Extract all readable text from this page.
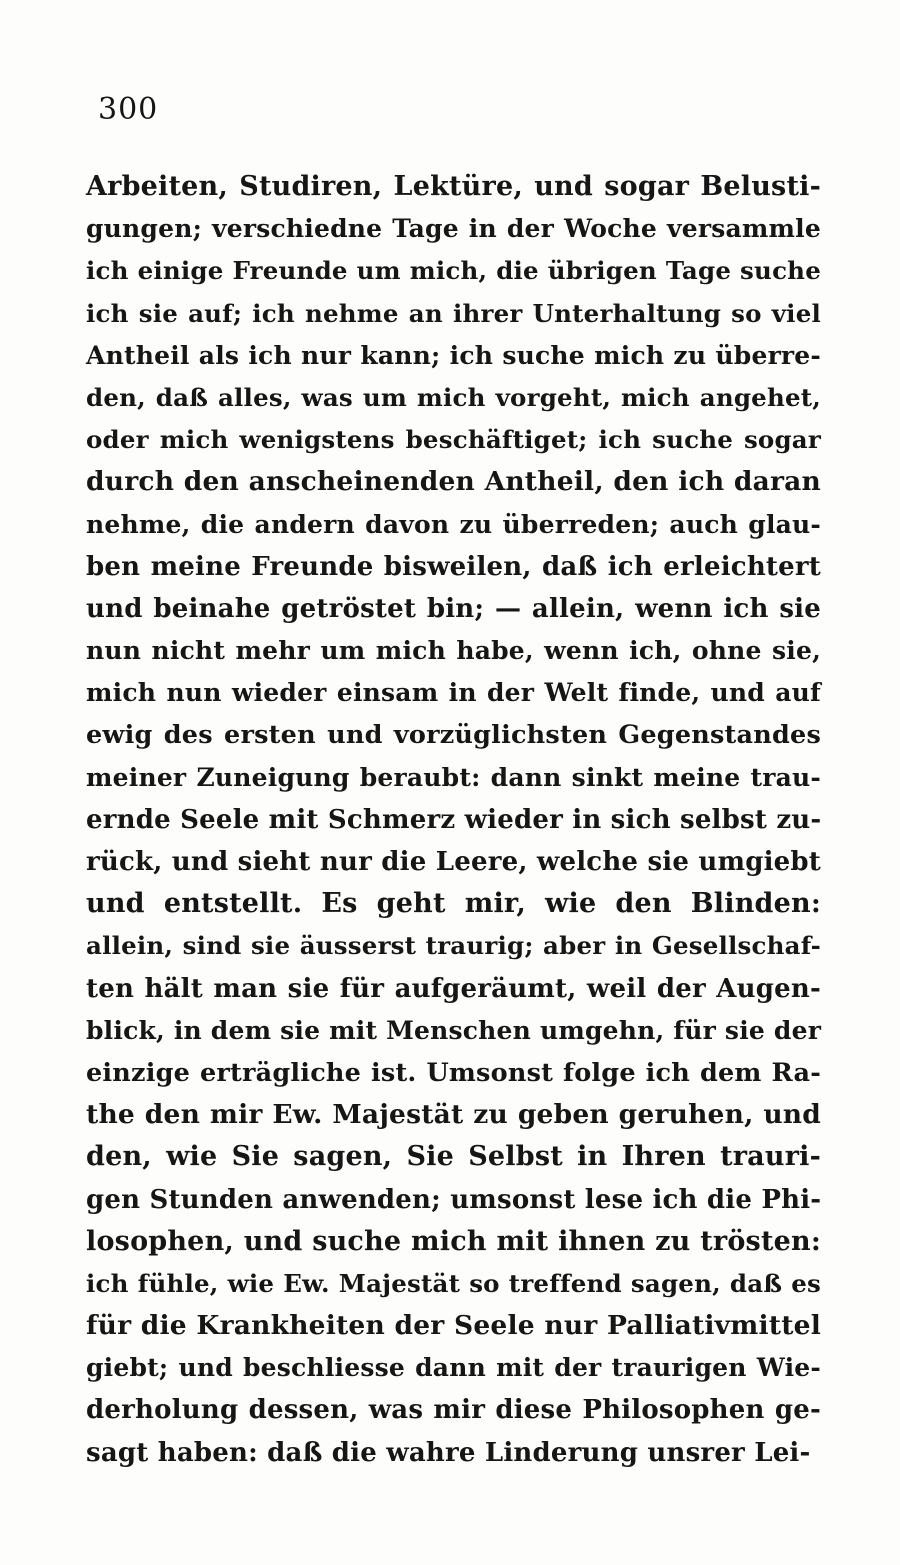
300
Arbeiten, Studiren, Lektüre, und sogar Belusti-
gungen; verschiedne Tage in der Woche versammle
ich einige Freunde um mich, die übrigen Tage suche
ich sie auf; ich nehme an ihrer Unterhaltung so viel
Antheil als ich nur kann; ich suche mich zu überre-
den, daß alles, was um mich vorgeht, mich angehet,
oder mich wenigstens beschäftiget; ich suche sogar
durch den anscheinenden Antheil, den ich daran
nehme, die andern davon zu überreden; auch glau-
ben meine Freunde bisweilen, daß ich erleichtert
und beinahe getröstet bin; — allein, wenn ich sie
nun nicht mehr um mich habe, wenn ich, ohne sie,
mich nun wieder einsam in der Welt finde, und auf
ewig des ersten und vorzüglichsten Gegenstandes
meiner Zuneigung beraubt: dann sinkt meine trau-
ernde Seele mit Schmerz wieder in sich selbst zu-
rück, und sieht nur die Leere, welche sie umgiebt
und entstellt. Es geht mir, wie den Blinden:
allein, sind sie äusserst traurig; aber in Gesellschaf-
ten hält man sie für aufgeräumt, weil der Augen-
blick, in dem sie mit Menschen umgehn, für sie der
einzige erträgliche ist. Umsonst folge ich dem Ra-
the den mir Ew. Majestät zu geben geruhen, und
den, wie Sie sagen, Sie Selbst in Ihren trauri-
gen Stunden anwenden; umsonst lese ich die Phi-
losophen, und suche mich mit ihnen zu trösten:
ich fühle, wie Ew. Majestät so treffend sagen, daß es
für die Krankheiten der Seele nur Palliativmittel
giebt; und beschliesse dann mit der traurigen Wie-
derholung dessen, was mir diese Philosophen ge-
sagt haben: daß die wahre Linderung unsrer Lei-
